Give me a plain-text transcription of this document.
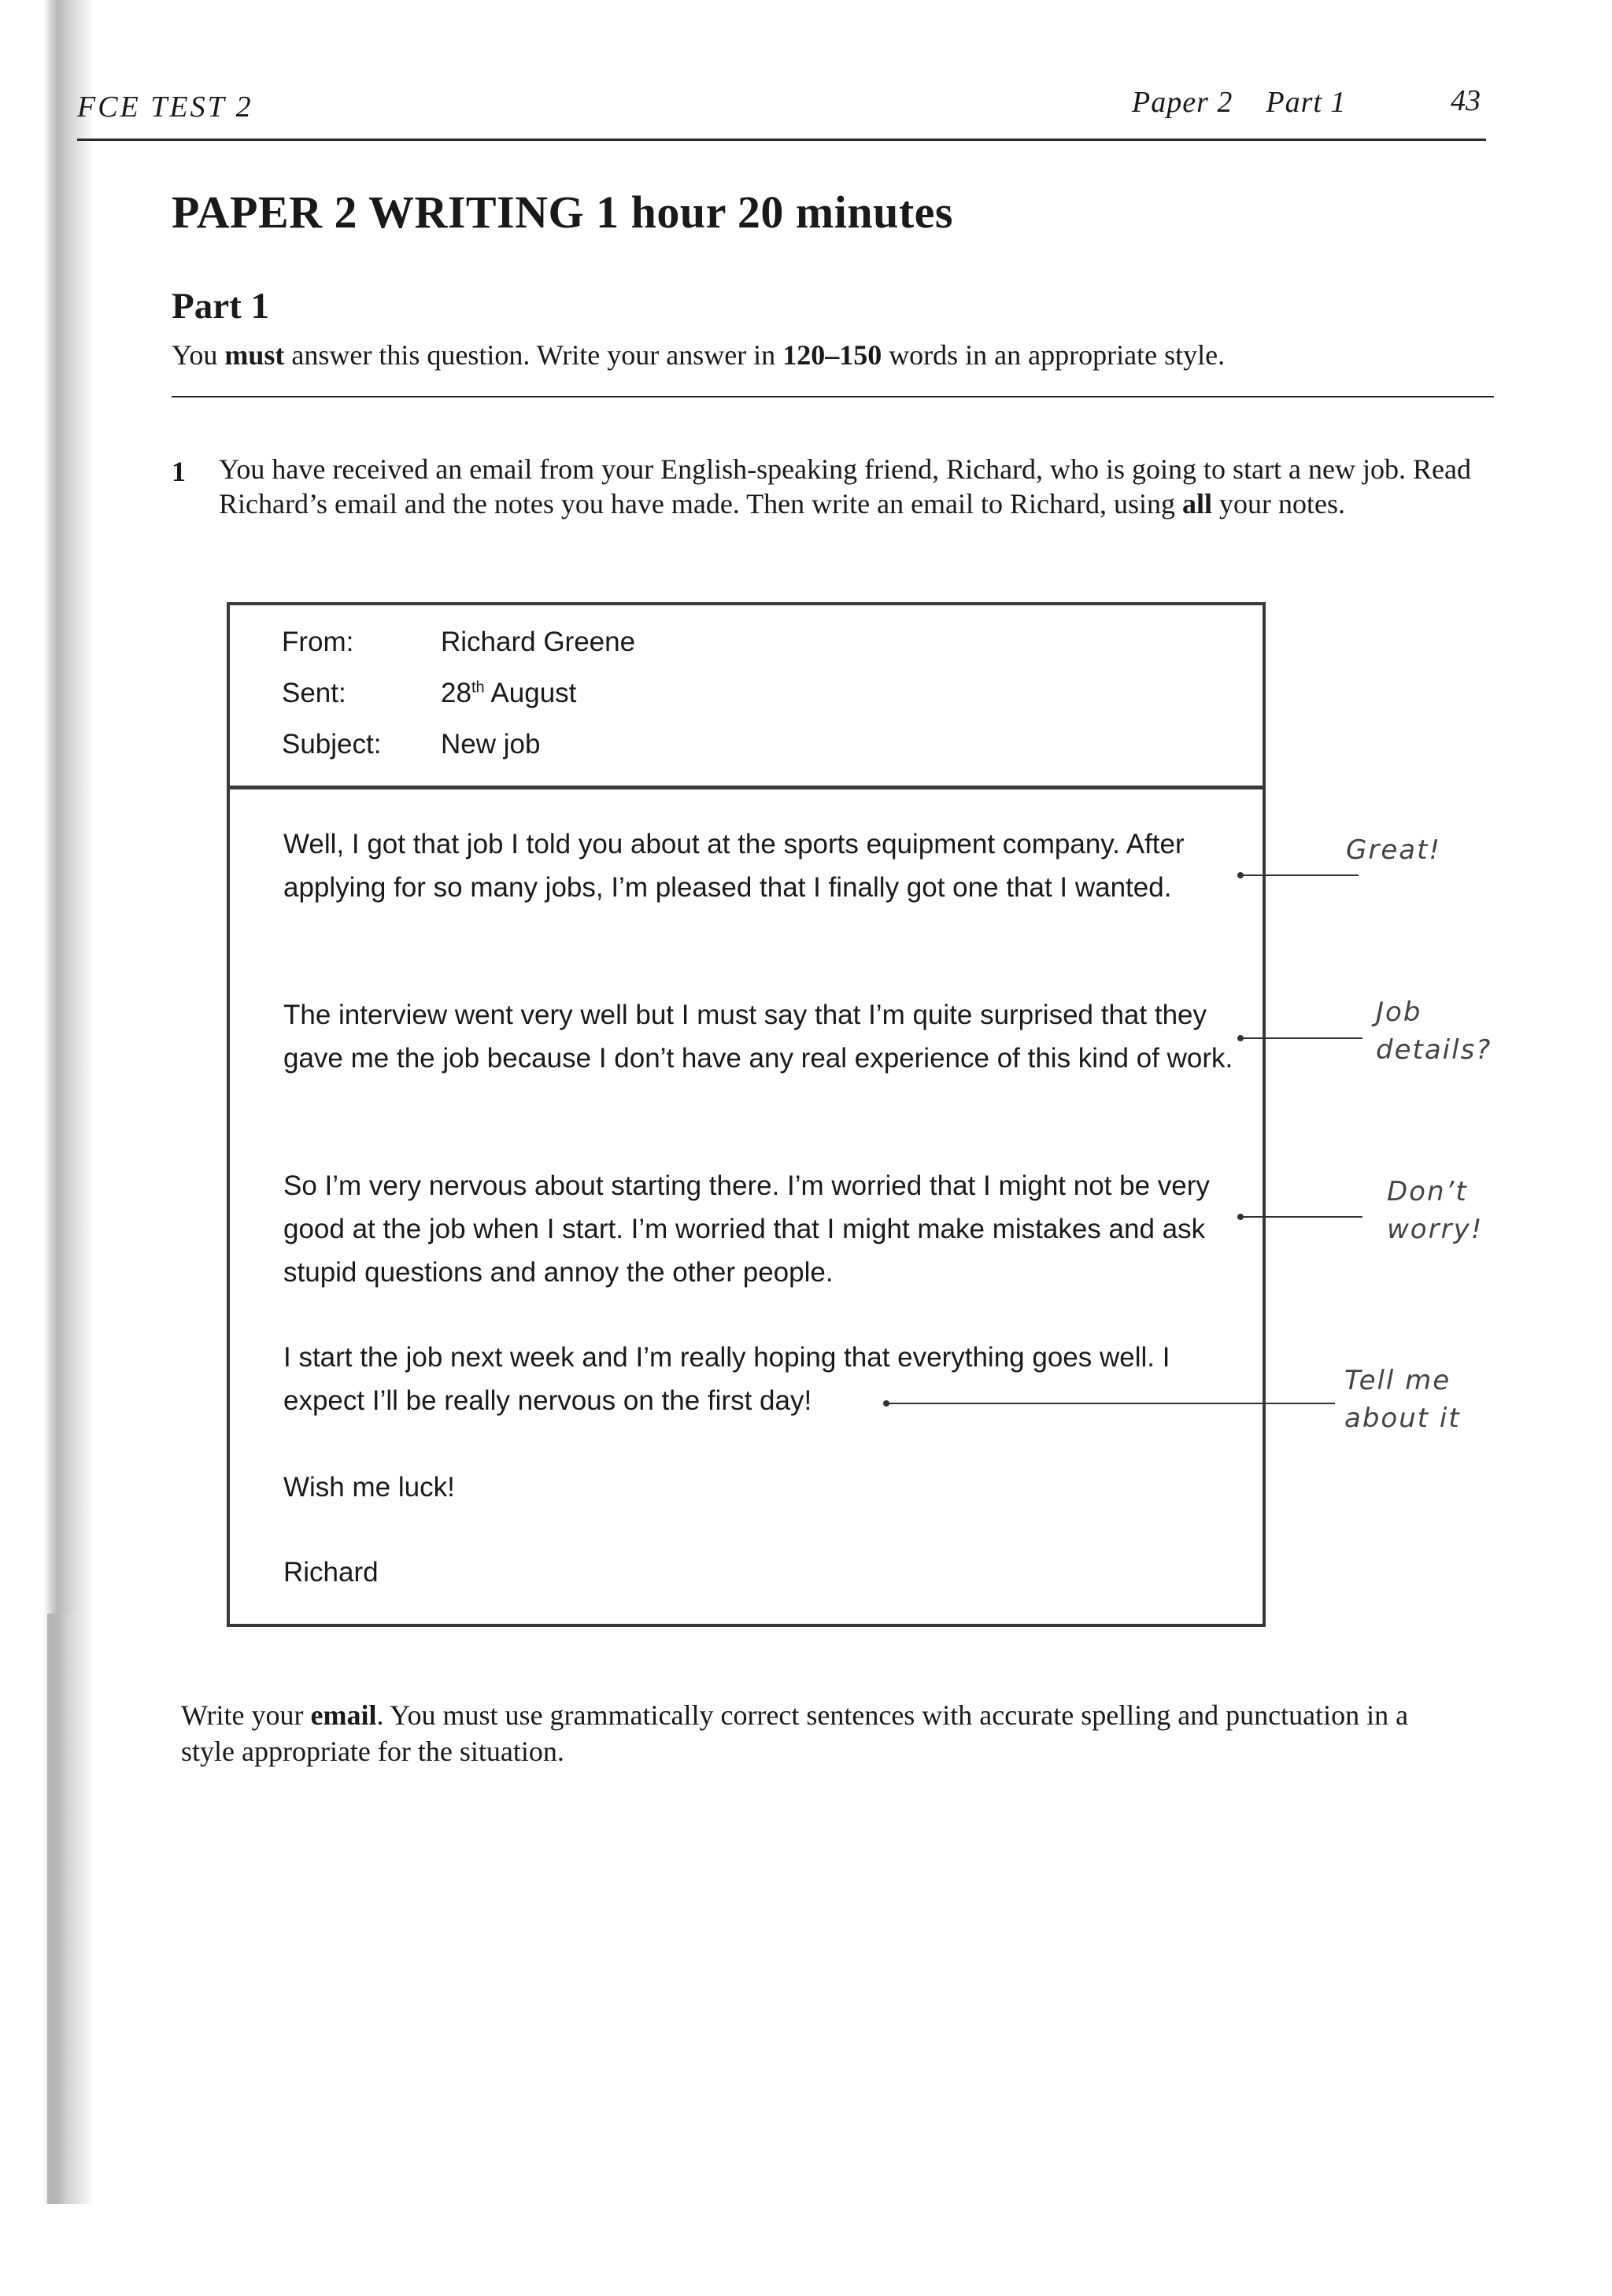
FCE TEST 2	Paper 2 Part 1	43
PAPER 2 WRITING 1 hour 20 minutes
Part 1
You must answer this question. Write your answer in 120–150 words in an appropriate style.
1 You have received an email from your English-speaking friend, Richard, who is going to start a new job. Read Richard’s email and the notes you have made. Then write an email to Richard, using all your notes.
From:	Richard Greene
Sent:	28th August
Subject: New job
Well, I got that job I told you about at the sports equipment company. After applying for so many jobs, I’m pleased that I finally got one that I wanted.
The interview went very well but I must say that I’m quite surprised that they gave me the job because I don’t have any real experience of this kind of work.
So I’m very nervous about starting there. I’m worried that I might not be very good at the job when I start. I’m worried that I might make mistakes and ask stupid questions and annoy the other people.
I start the job next week and I’m really hoping that everything goes well. I expect I’ll be really nervous on the first day!
Wish me luck!
Richard
Great!
Job details?
Don’t worry!
Tell me about it
Write your email. You must use grammatically correct sentences with accurate spelling and punctuation in a style appropriate for the situation.
